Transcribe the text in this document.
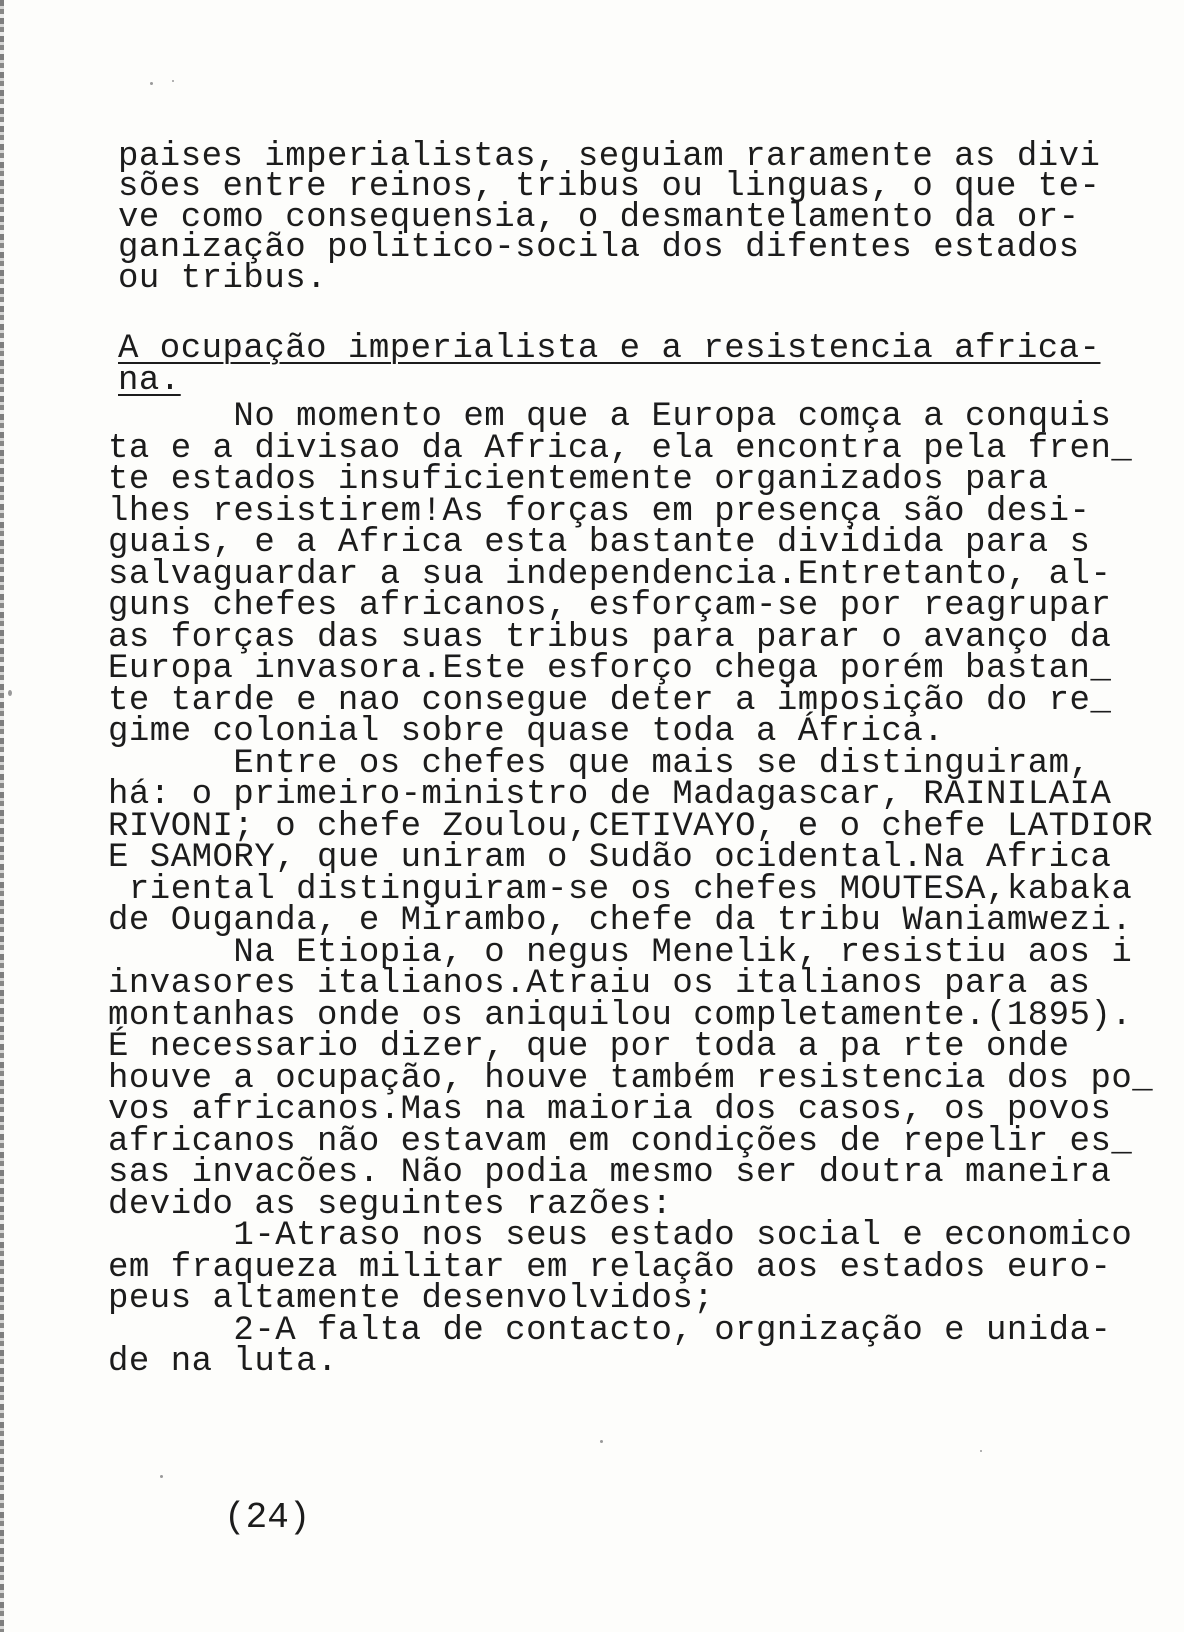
paises imperialistas, seguiam raramente as divi

sões entre reinos, tribus ou linguas, o que te-

ve como consequensia, o desmantelamento da or-

ganização politico-socila dos difentes estados

ou tribus.

A ocupação imperialista e a resistencia africa-

na.

No momento em que a Europa comça a conquis

ta e a divisao da Africa, ela encontra pela fren_

te estados insuficientemente organizados para

lhes resistirem!As forças em presença são desi-

guais, e a Africa esta bastante dividida para s

salvaguardar a sua independencia.Entretanto, al-

guns chefes africanos, esforçam-se por reagrupar

as forças das suas tribus para parar o avanço da

Europa invasora.Este esforço chega porém bastan_

te tarde e nao consegue deter a imposição do re_

gime colonial sobre quase toda a África.

Entre os chefes que mais se distinguiram,

há: o primeiro-ministro de Madagascar, RAINILAIA

RIVONI; o chefe Zoulou,CETIVAYO, e o chefe LATDIOR

E SAMORY, que uniram o Sudão ocidental.Na Africa

riental distinguiram-se os chefes MOUTESA,kabaka

de Ouganda, e Mirambo, chefe da tribu Waniamwezi.

Na Etiopia, o negus Menelik, resistiu aos i

invasores italianos.Atraiu os italianos para as

montanhas onde os aniquilou completamente.(1895).

É necessario dizer, que por toda a pa rte onde

houve a ocupação, houve também resistencia dos po_

vos africanos.Mas na maioria dos casos, os povos

africanos não estavam em condições de repelir es_

sas invacões. Não podia mesmo ser doutra maneira

devido as seguintes razões:

1-Atraso nos seus estado social e economico

em fraqueza militar em relação aos estados euro-

peus altamente desenvolvidos;

2-A falta de contacto, orgnização e unida-

de na luta.

(24)
